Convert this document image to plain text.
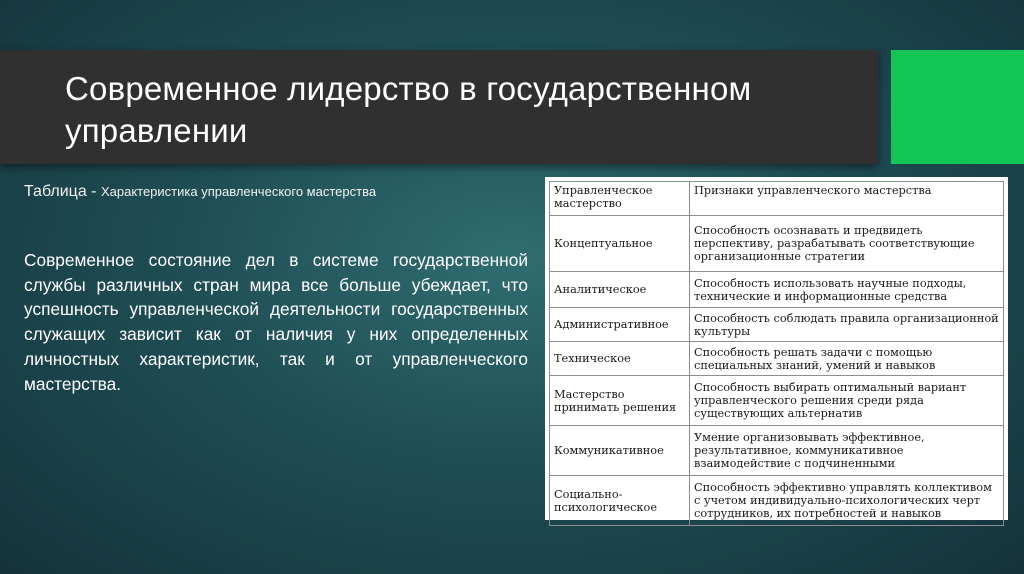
Современное лидерство в государственном управлении
Таблица - Характеристика управленческого мастерства
Современное состояние дел в системе государственной службы различных стран мира все больше убеждает, что успешность управленческой деятельности государственных служащих зависит как от наличия у них определенных личностных характеристик, так и от управленческого мастерства.
Управленческое мастерство	Признаки управленческого мастерства
Концептуальное	Способность осознавать и предвидеть перспективу, разрабатывать соответствующие организационные стратегии
Аналитическое	Способность использовать научные подходы, технические и информационные средства
Административное	Способность соблюдать правила организационной культуры
Техническое	Способность решать задачи с помощью специальных знаний, умений и навыков
Мастерство принимать решения	Способность выбирать оптимальный вариант управленческого решения среди ряда существующих альтернатив
Коммуникативное	Умение организовывать эффективное, результативное, коммуникативное взаимодействие с подчиненными
Социально-психологическое	Способность эффективно управлять коллективом с учетом индивидуально-психологических черт сотрудников, их потребностей и навыков
